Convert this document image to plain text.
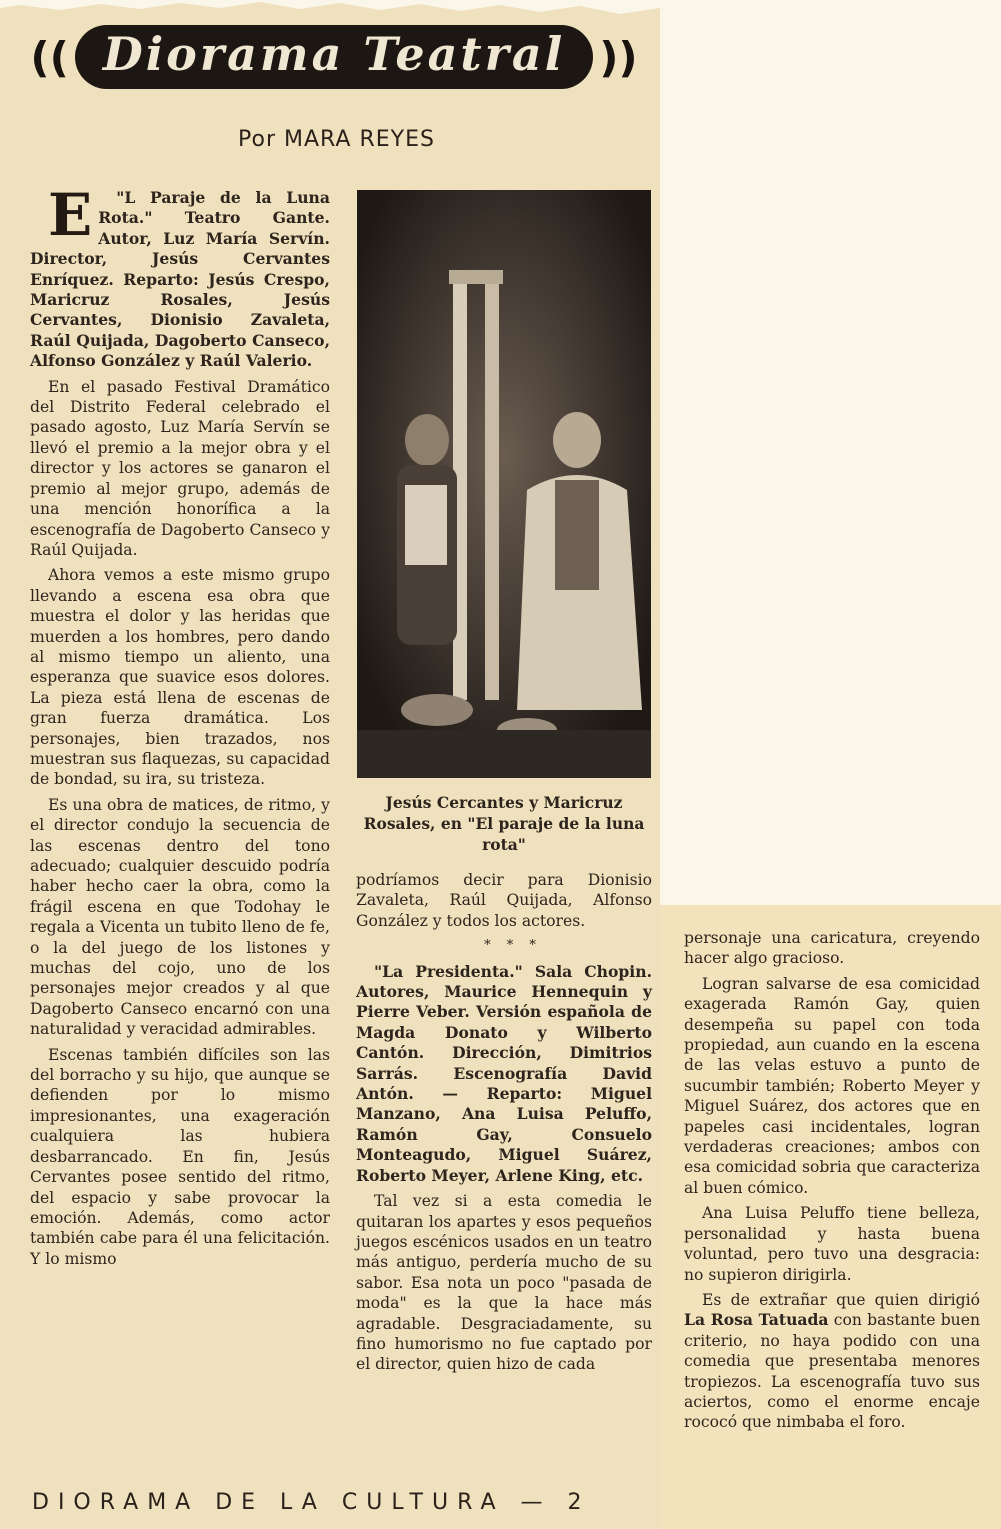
(( Diorama Teatral ))
Por MARA REYES

E "L Paraje de la Luna Rota." Teatro Gante. Autor, Luz María Servín. Director, Jesús Cervantes Enríquez. Reparto: Jesús Crespo, Maricruz Rosales, Jesús Cervantes, Dionisio Zavaleta, Raúl Quijada, Dagoberto Canseco, Alfonso González y Raúl Valerio.

En el pasado Festival Dramático del Distrito Federal celebrado el pasado agosto, Luz María Servín se llevó el premio a la mejor obra y el director y los actores se ganaron el premio al mejor grupo, además de una mención honorífica a la escenografía de Dagoberto Canseco y Raúl Quijada.

Ahora vemos a este mismo grupo llevando a escena esa obra que muestra el dolor y las heridas que muerden a los hombres, pero dando al mismo tiempo un aliento, una esperanza que suavice esos dolores. La pieza está llena de escenas de gran fuerza dramática. Los personajes, bien trazados, nos muestran sus flaquezas, su capacidad de bondad, su ira, su tristeza.

Es una obra de matices, de ritmo, y el director condujo la secuencia de las escenas dentro del tono adecuado; cualquier descuido podría haber hecho caer la obra, como la frágil escena en que Todohay le regala a Vicenta un tubito lleno de fe, o la del juego de los listones y muchas del cojo, uno de los personajes mejor creados y al que Dagoberto Canseco encarnó con una naturalidad y veracidad admirables.

Escenas también difíciles son las del borracho y su hijo, que aunque se defienden por lo mismo impresionantes, una exageración cualquiera las hubiera desbarrancado. En fin, Jesús Cervantes posee sentido del ritmo, del espacio y sabe provocar la emoción. Además, como actor también cabe para él una felicitación. Y lo mismo

Jesús Cercantes y Maricruz Rosales, en "El paraje de la luna rota"

podríamos decir para Dionisio Zavaleta, Raúl Quijada, Alfonso González y todos los actores.

* * *

"La Presidenta." Sala Chopin. Autores, Maurice Hennequin y Pierre Veber. Versión española de Magda Donato y Wilberto Cantón. Dirección, Dimitrios Sarrás. Escenografía David Antón. — Reparto: Miguel Manzano, Ana Luisa Peluffo, Ramón Gay, Consuelo Monteagudo, Miguel Suárez, Roberto Meyer, Arlene King, etc.

Tal vez si a esta comedia le quitaran los apartes y esos pequeños juegos escénicos usados en un teatro más antiguo, perdería mucho de su sabor. Esa nota un poco "pasada de moda" es la que la hace más agradable. Desgraciadamente, su fino humorismo no fue captado por el director, quien hizo de cada

personaje una caricatura, creyendo hacer algo gracioso.

Logran salvarse de esa comicidad exagerada Ramón Gay, quien desempeña su papel con toda propiedad, aun cuando en la escena de las velas estuvo a punto de sucumbir también; Roberto Meyer y Miguel Suárez, dos actores que en papeles casi incidentales, logran verdaderas creaciones; ambos con esa comicidad sobria que caracteriza al buen cómico.

Ana Luisa Peluffo tiene belleza, personalidad y hasta buena voluntad, pero tuvo una desgracia: no supieron dirigirla.

Es de extrañar que quien dirigió La Rosa Tatuada con bastante buen criterio, no haya podido con una comedia que presentaba menores tropiezos. La escenografía tuvo sus aciertos, como el enorme encaje rococó que nimbaba el foro.

DIORAMA DE LA CULTURA — 2
